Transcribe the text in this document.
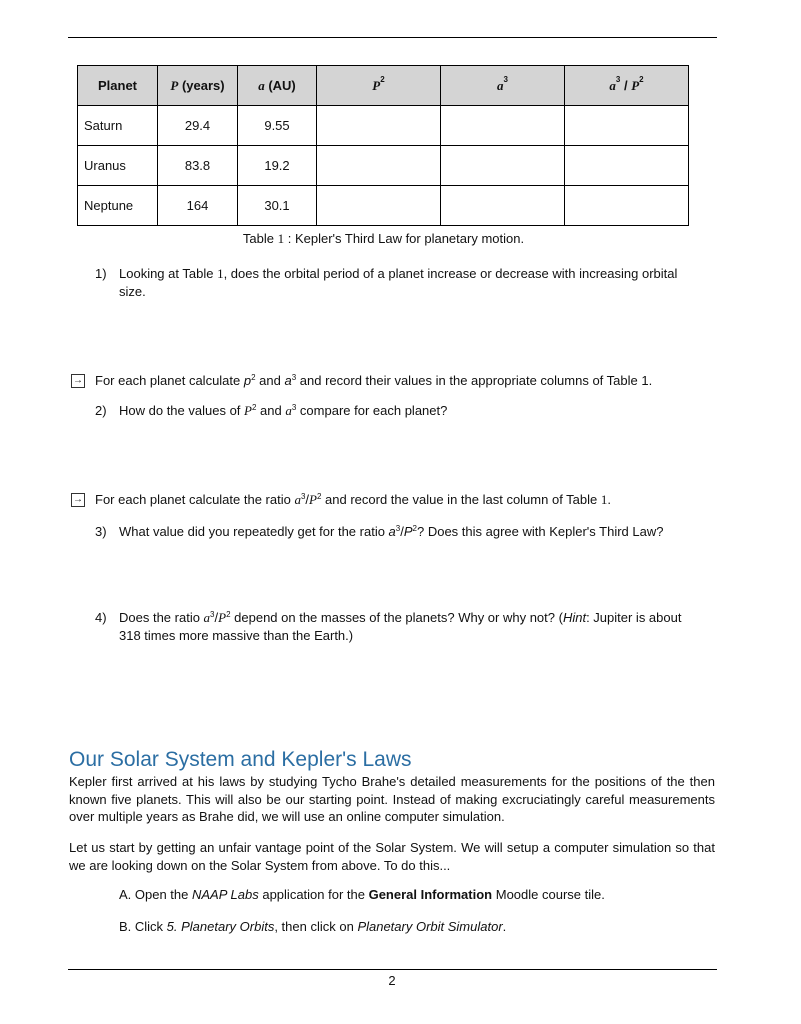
Planet	P (years)	a (AU)	$P^2$	$a^3$	$a^3 / P^2$
Saturn	29.4	9.55			
Uranus	83.8	19.2			
Neptune	164	30.1			
Table 1 : Kepler's Third Law for planetary motion.
1) Looking at Table 1, does the orbital period of a planet increase or decrease with increasing orbital
size.
→ For each planet calculate $p^2$ and $a^3$ and record their values in the appropriate columns of Table 1.
2) How do the values of $P^2$ and $a^3$ compare for each planet?
→ For each planet calculate the ratio $a^3/P^2$ and record the value in the last column of Table 1.
3) What value did you repeatedly get for the ratio $a^3/P^2$? Does this agree with Kepler's Third Law?
4) Does the ratio $a^3/P^2$ depend on the masses of the planets? Why or why not? (Hint: Jupiter is about
318 times more massive than the Earth.)
Our Solar System and Kepler's Laws
Kepler first arrived at his laws by studying Tycho Brahe's detailed measurements for the positions of the then known five planets. This will also be our starting point. Instead of making excruciatingly careful measurements over multiple years as Brahe did, we will use an online computer simulation.
Let us start by getting an unfair vantage point of the Solar System. We will setup a computer simulation so that we are looking down on the Solar System from above. To do this...
A. Open the NAAP Labs application for the General Information Moodle course tile.
B. Click 5. Planetary Orbits, then click on Planetary Orbit Simulator.
2
